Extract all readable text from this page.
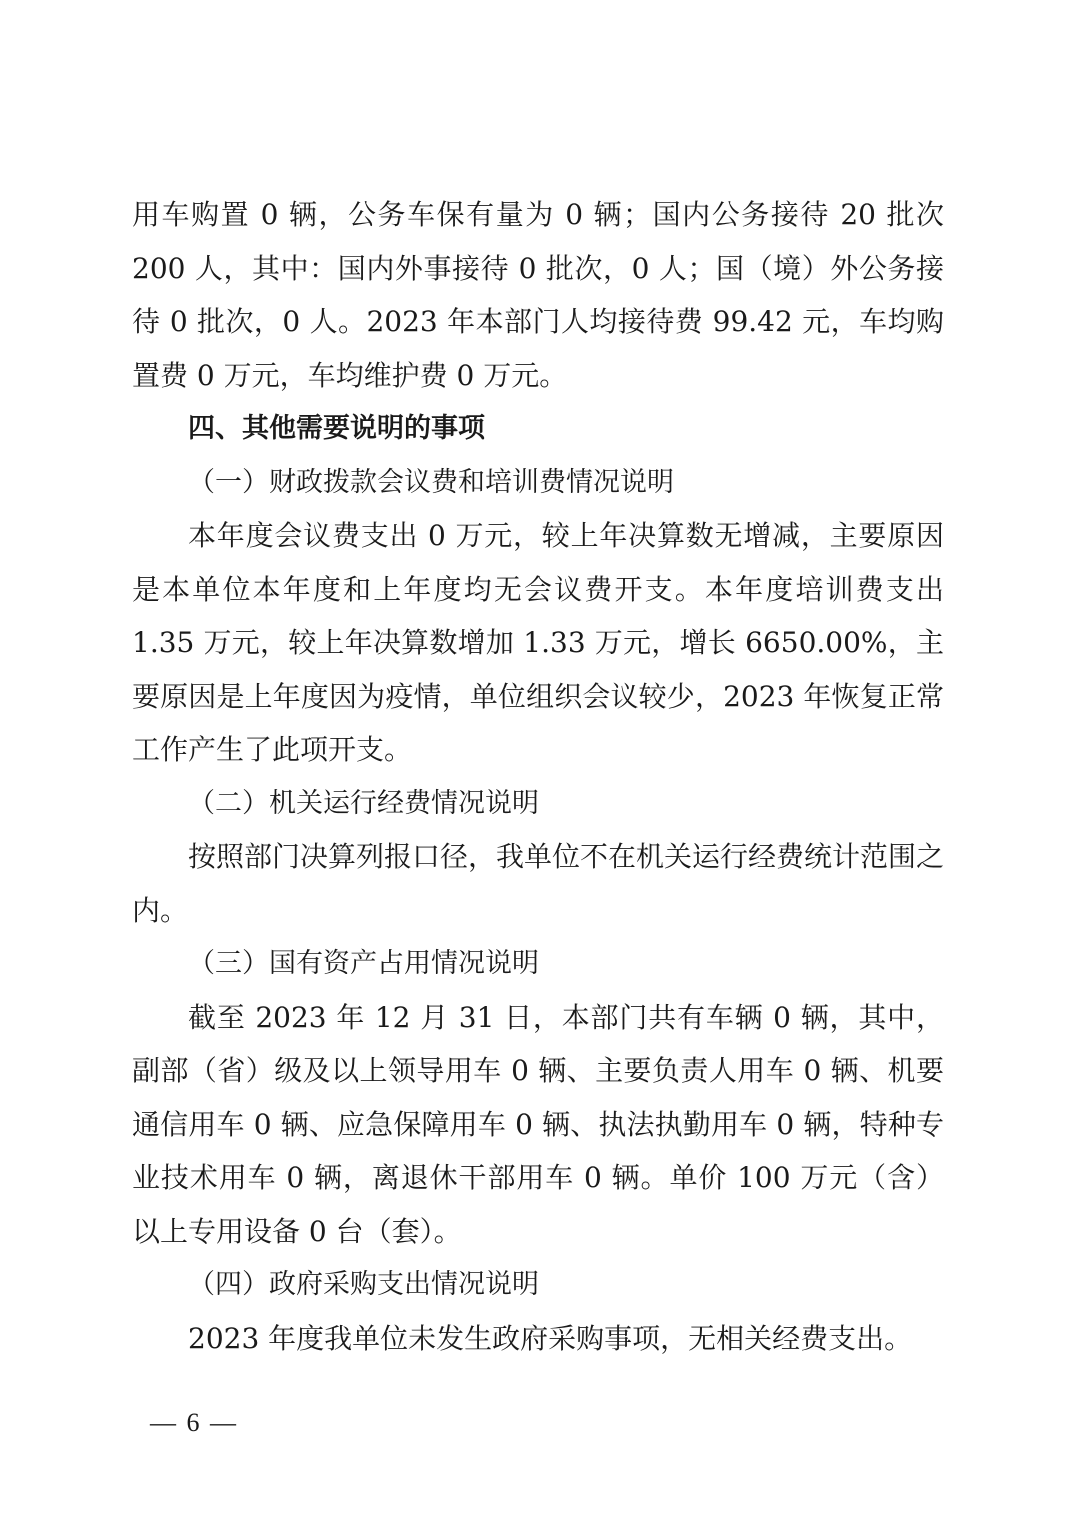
用车购置 0 辆，公务车保有量为 0 辆；国内公务接待 20 批次 200 人，其中：国内外事接待 0 批次，0 人；国（境）外公务接待 0 批次，0 人。2023 年本部门人均接待费 99.42 元，车均购置费 0 万元，车均维护费 0 万元。

四、其他需要说明的事项

（一）财政拨款会议费和培训费情况说明

本年度会议费支出 0 万元，较上年决算数无增减，主要原因是本单位本年度和上年度均无会议费开支。本年度培训费支出 1.35 万元，较上年决算数增加 1.33 万元，增长 6650.00%，主要原因是上年度因为疫情，单位组织会议较少，2023 年恢复正常工作产生了此项开支。

（二）机关运行经费情况说明

按照部门决算列报口径，我单位不在机关运行经费统计范围之内。

（三）国有资产占用情况说明

截至 2023 年 12 月 31 日，本部门共有车辆 0 辆，其中，副部（省）级及以上领导用车 0 辆、主要负责人用车 0 辆、机要通信用车 0 辆、应急保障用车 0 辆、执法执勤用车 0 辆，特种专业技术用车 0 辆，离退休干部用车 0 辆。单价 100 万元（含）以上专用设备 0 台（套）。

（四）政府采购支出情况说明

2023 年度我单位未发生政府采购事项，无相关经费支出。

— 6 —
